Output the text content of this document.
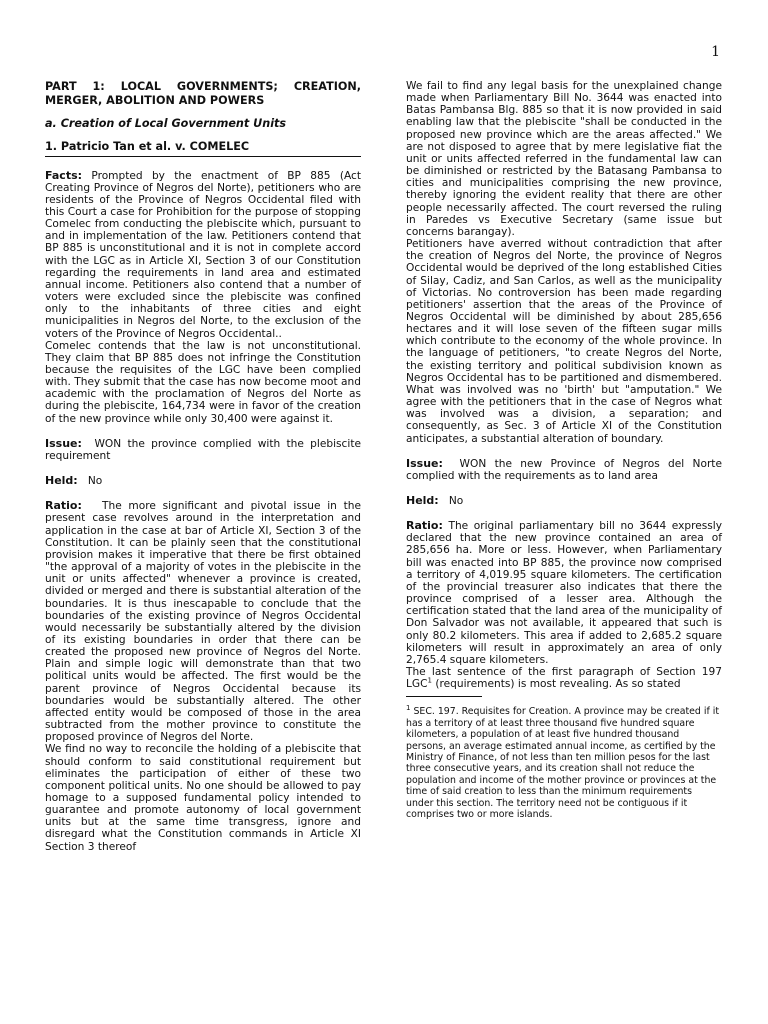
1

PART 1: LOCAL GOVERNMENTS; CREATION, MERGER, ABOLITION AND POWERS

a. Creation of Local Government Units

1. Patricio Tan et al. v. COMELEC

Facts: Prompted by the enactment of BP 885 (Act Creating Province of Negros del Norte), petitioners who are residents of the Province of Negros Occidental filed with this Court a case for Prohibition for the purpose of stopping Comelec from conducting the plebiscite which, pursuant to and in implementation of the law. Petitioners contend that BP 885 is unconstitutional and it is not in complete accord with the LGC as in Article XI, Section 3 of our Constitution regarding the requirements in land area and estimated annual income. Petitioners also contend that a number of voters were excluded since the plebiscite was confined only to the inhabitants of three cities and eight municipalities in Negros del Norte, to the exclusion of the voters of the Province of Negros Occidental..

Comelec contends that the law is not unconstitutional. They claim that BP 885 does not infringe the Constitution because the requisites of the LGC have been complied with. They submit that the case has now become moot and academic with the proclamation of Negros del Norte as during the plebiscite, 164,734 were in favor of the creation of the new province while only 30,400 were against it.

Issue: WON the province complied with the plebiscite requirement

Held: No

Ratio: The more significant and pivotal issue in the present case revolves around in the interpretation and application in the case at bar of Article XI, Section 3 of the Constitution. It can be plainly seen that the constitutional provision makes it imperative that there be first obtained "the approval of a majority of votes in the plebiscite in the unit or units affected" whenever a province is created, divided or merged and there is substantial alteration of the boundaries. It is thus inescapable to conclude that the boundaries of the existing province of Negros Occidental would necessarily be substantially altered by the division of its existing boundaries in order that there can be created the proposed new province of Negros del Norte. Plain and simple logic will demonstrate than that two political units would be affected. The first would be the parent province of Negros Occidental because its boundaries would be substantially altered. The other affected entity would be composed of those in the area subtracted from the mother province to constitute the proposed province of Negros del Norte.

We find no way to reconcile the holding of a plebiscite that should conform to said constitutional requirement but eliminates the participation of either of these two component political units. No one should be allowed to pay homage to a supposed fundamental policy intended to guarantee and promote autonomy of local government units but at the same time transgress, ignore and disregard what the Constitution commands in Article XI Section 3 thereof

We fail to find any legal basis for the unexplained change made when Parliamentary Bill No. 3644 was enacted into Batas Pambansa Blg. 885 so that it is now provided in said enabling law that the plebiscite "shall be conducted in the proposed new province which are the areas affected." We are not disposed to agree that by mere legislative fiat the unit or units affected referred in the fundamental law can be diminished or restricted by the Batasang Pambansa to cities and municipalities comprising the new province, thereby ignoring the evident reality that there are other people necessarily affected. The court reversed the ruling in Paredes vs Executive Secretary (same issue but concerns barangay).

Petitioners have averred without contradiction that after the creation of Negros del Norte, the province of Negros Occidental would be deprived of the long established Cities of Silay, Cadiz, and San Carlos, as well as the municipality of Victorias. No controversion has been made regarding petitioners' assertion that the areas of the Province of Negros Occidental will be diminished by about 285,656 hectares and it will lose seven of the fifteen sugar mills which contribute to the economy of the whole province. In the language of petitioners, "to create Negros del Norte, the existing territory and political subdivision known as Negros Occidental has to be partitioned and dismembered. What was involved was no 'birth' but "amputation." We agree with the petitioners that in the case of Negros what was involved was a division, a separation; and consequently, as Sec. 3 of Article XI of the Constitution anticipates, a substantial alteration of boundary.

Issue: WON the new Province of Negros del Norte complied with the requirements as to land area

Held: No

Ratio: The original parliamentary bill no 3644 expressly declared that the new province contained an area of 285,656 ha. More or less. However, when Parliamentary bill was enacted into BP 885, the province now comprised a territory of 4,019.95 square kilometers. The certification of the provincial treasurer also indicates that there the province comprised of a lesser area. Although the certification stated that the land area of the municipality of Don Salvador was not available, it appeared that such is only 80.2 kilometers. This area if added to 2,685.2 square kilometers will result in approximately an area of only 2,765.4 square kilometers.

The last sentence of the first paragraph of Section 197 LGC$^1$ (requirements) is most revealing. As so stated

$^1$ SEC. 197. Requisites for Creation. A province may be created if it has a territory of at least three thousand five hundred square kilometers, a population of at least five hundred thousand persons, an average estimated annual income, as certified by the Ministry of Finance, of not less than ten million pesos for the last three consecutive years, and its creation shall not reduce the population and income of the mother province or provinces at the time of said creation to less than the minimum requirements under this section. The territory need not be contiguous if it comprises two or more islands.
